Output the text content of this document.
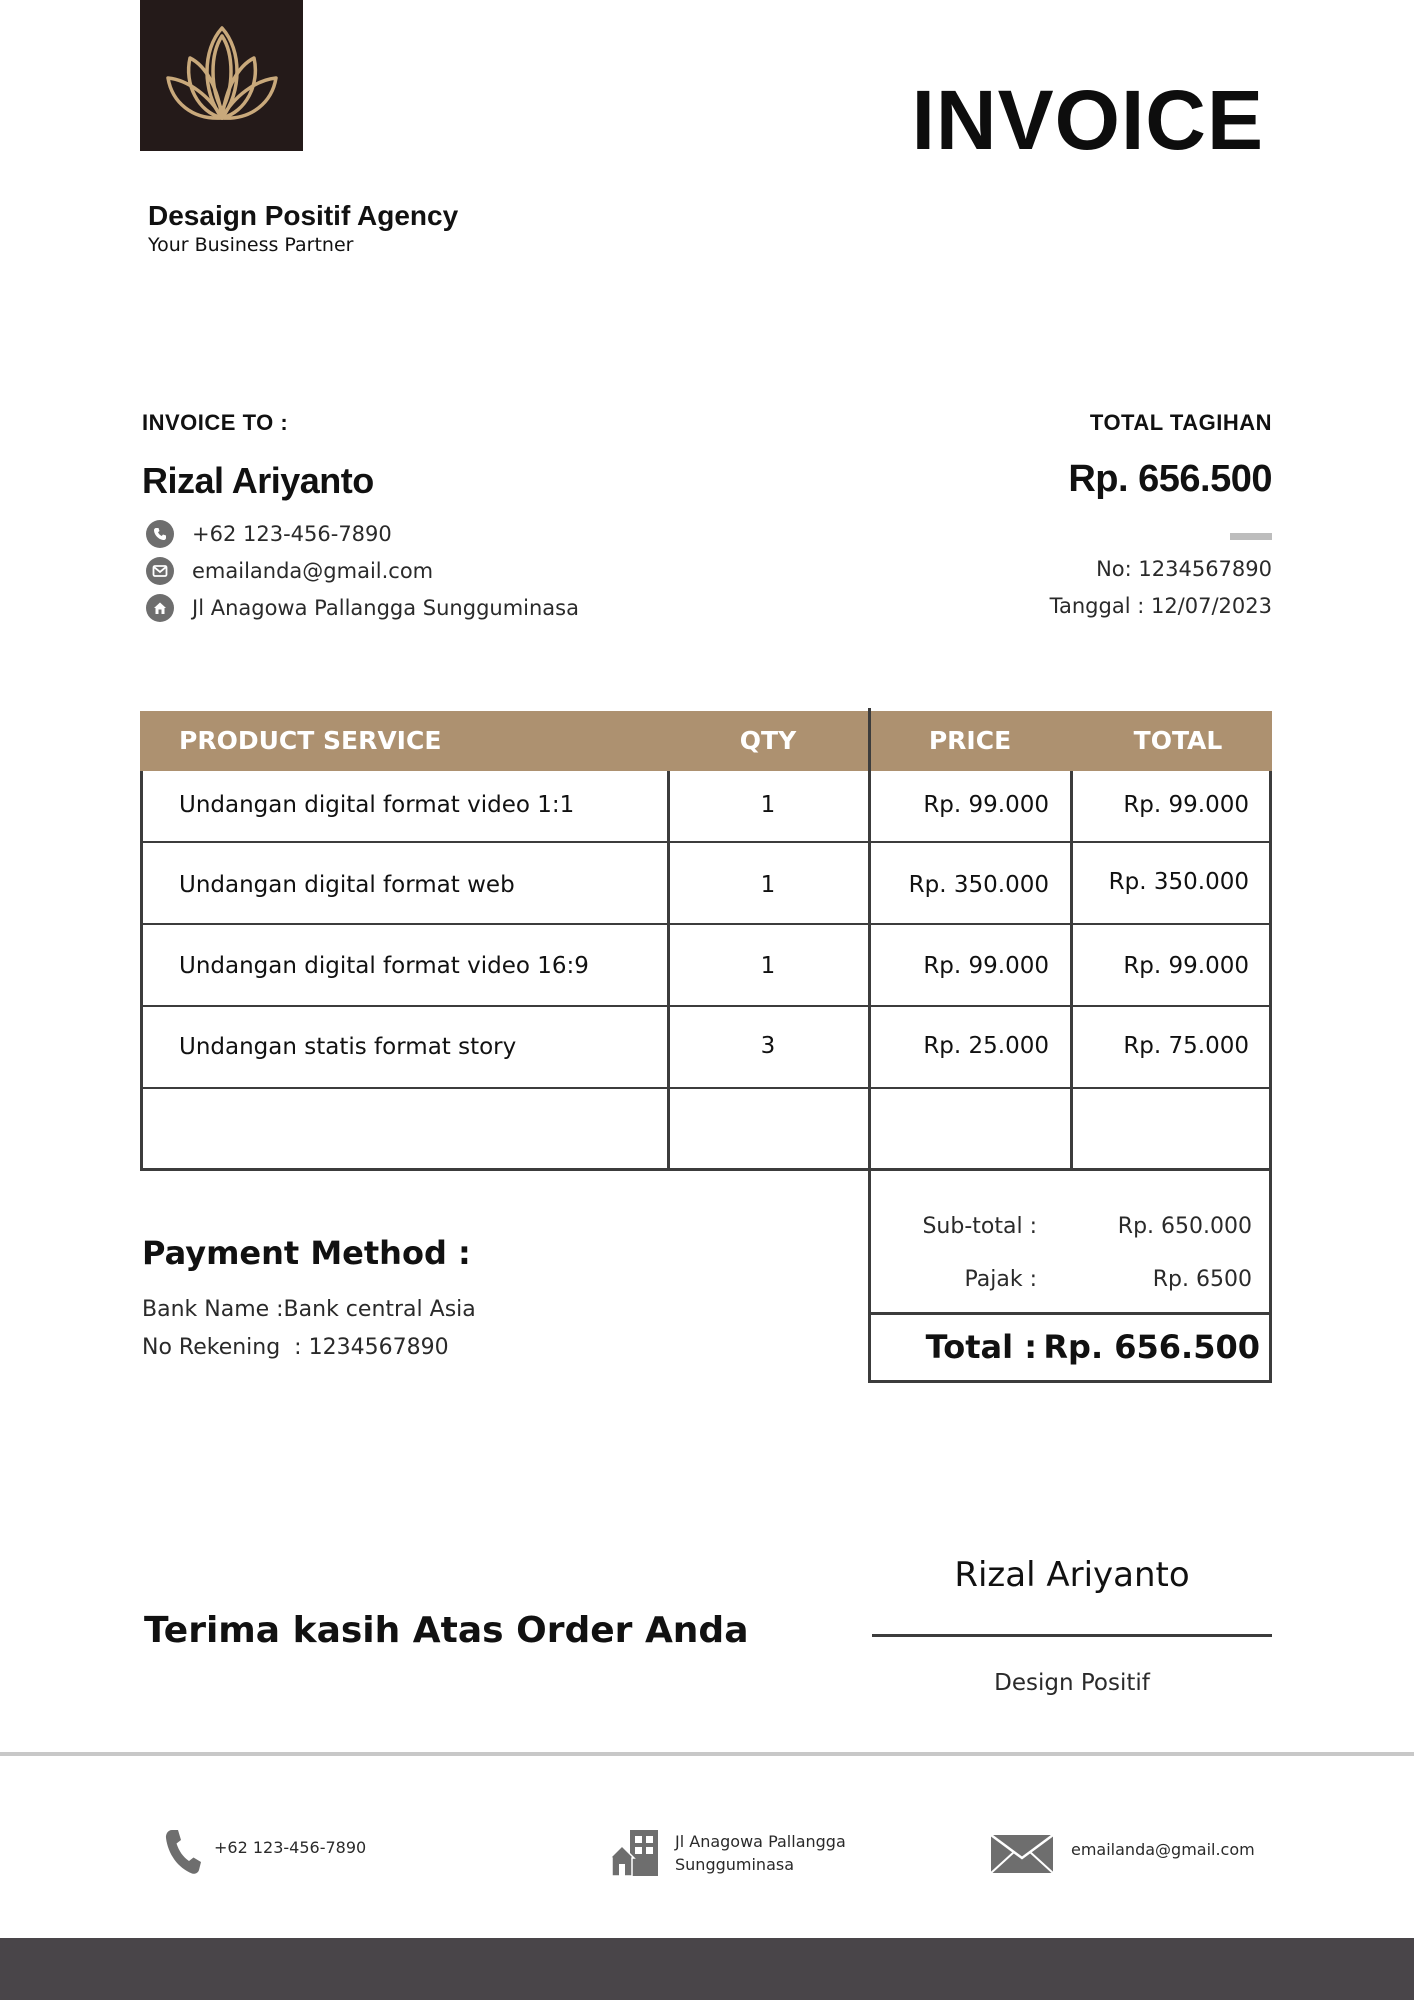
INVOICE
Desaign Positif Agency
Your Business Partner
INVOICE TO :
Rizal Ariyanto
+62 123-456-7890
emailanda@gmail.com
Jl Anagowa Pallangga Sungguminasa
TOTAL TAGIHAN
Rp. 656.500
No: 1234567890
Tanggal : 12/07/2023
PRODUCT SERVICE	QTY	PRICE	TOTAL
Undangan digital format video 1:1	1	Rp. 99.000	Rp. 99.000
Undangan digital format web	1	Rp. 350.000	Rp. 350.000
Undangan digital format video 16:9	1	Rp. 99.000	Rp. 99.000
Undangan statis format story	3	Rp. 25.000	Rp. 75.000
Payment Method :
Bank Name :Bank central Asia
No Rekening  : 1234567890
Sub-total :	Rp. 650.000
Pajak :	Rp. 6500
Total : Rp. 656.500
Terima kasih Atas Order Anda
Rizal Ariyanto
Design Positif
+62 123-456-7890	Jl Anagowa Pallangga
Sungguminasa
emailanda@gmail.com
